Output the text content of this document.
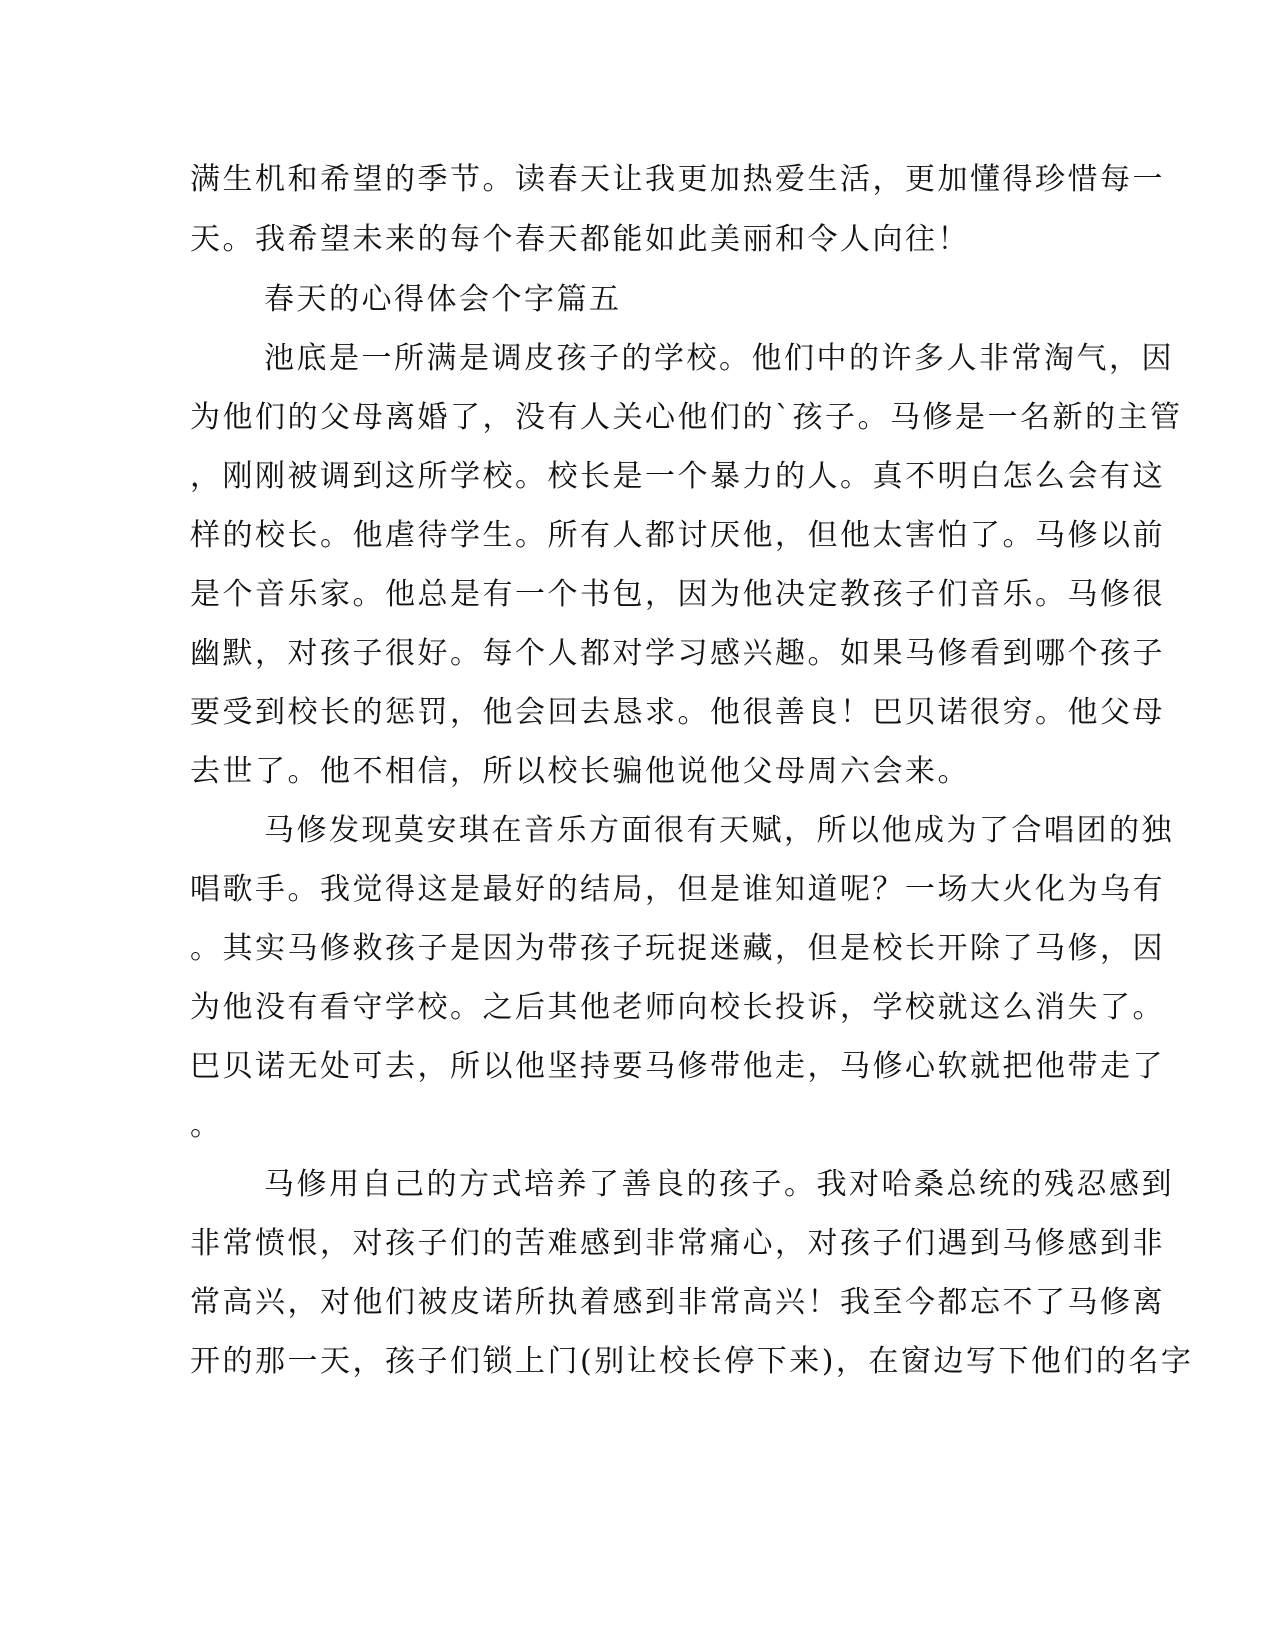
满生机和希望的季节。读春天让我更加热爱生活，更加懂得珍惜每一
天。我希望未来的每个春天都能如此美丽和令人向往！
春天的心得体会个字篇五
池底是一所满是调皮孩子的学校。他们中的许多人非常淘气，因
为他们的父母离婚了，没有人关心他们的`孩子。马修是一名新的主管
，刚刚被调到这所学校。校长是一个暴力的人。真不明白怎么会有这
样的校长。他虐待学生。所有人都讨厌他，但他太害怕了。马修以前
是个音乐家。他总是有一个书包，因为他决定教孩子们音乐。马修很
幽默，对孩子很好。每个人都对学习感兴趣。如果马修看到哪个孩子
要受到校长的惩罚，他会回去恳求。他很善良！巴贝诺很穷。他父母
去世了。他不相信，所以校长骗他说他父母周六会来。
马修发现莫安琪在音乐方面很有天赋，所以他成为了合唱团的独
唱歌手。我觉得这是最好的结局，但是谁知道呢？一场大火化为乌有
。其实马修救孩子是因为带孩子玩捉迷藏，但是校长开除了马修，因
为他没有看守学校。之后其他老师向校长投诉，学校就这么消失了。
巴贝诺无处可去，所以他坚持要马修带他走，马修心软就把他带走了
。
马修用自己的方式培养了善良的孩子。我对哈桑总统的残忍感到
非常愤恨，对孩子们的苦难感到非常痛心，对孩子们遇到马修感到非
常高兴，对他们被皮诺所执着感到非常高兴！我至今都忘不了马修离
开的那一天，孩子们锁上门(别让校长停下来)，在窗边写下他们的名字
